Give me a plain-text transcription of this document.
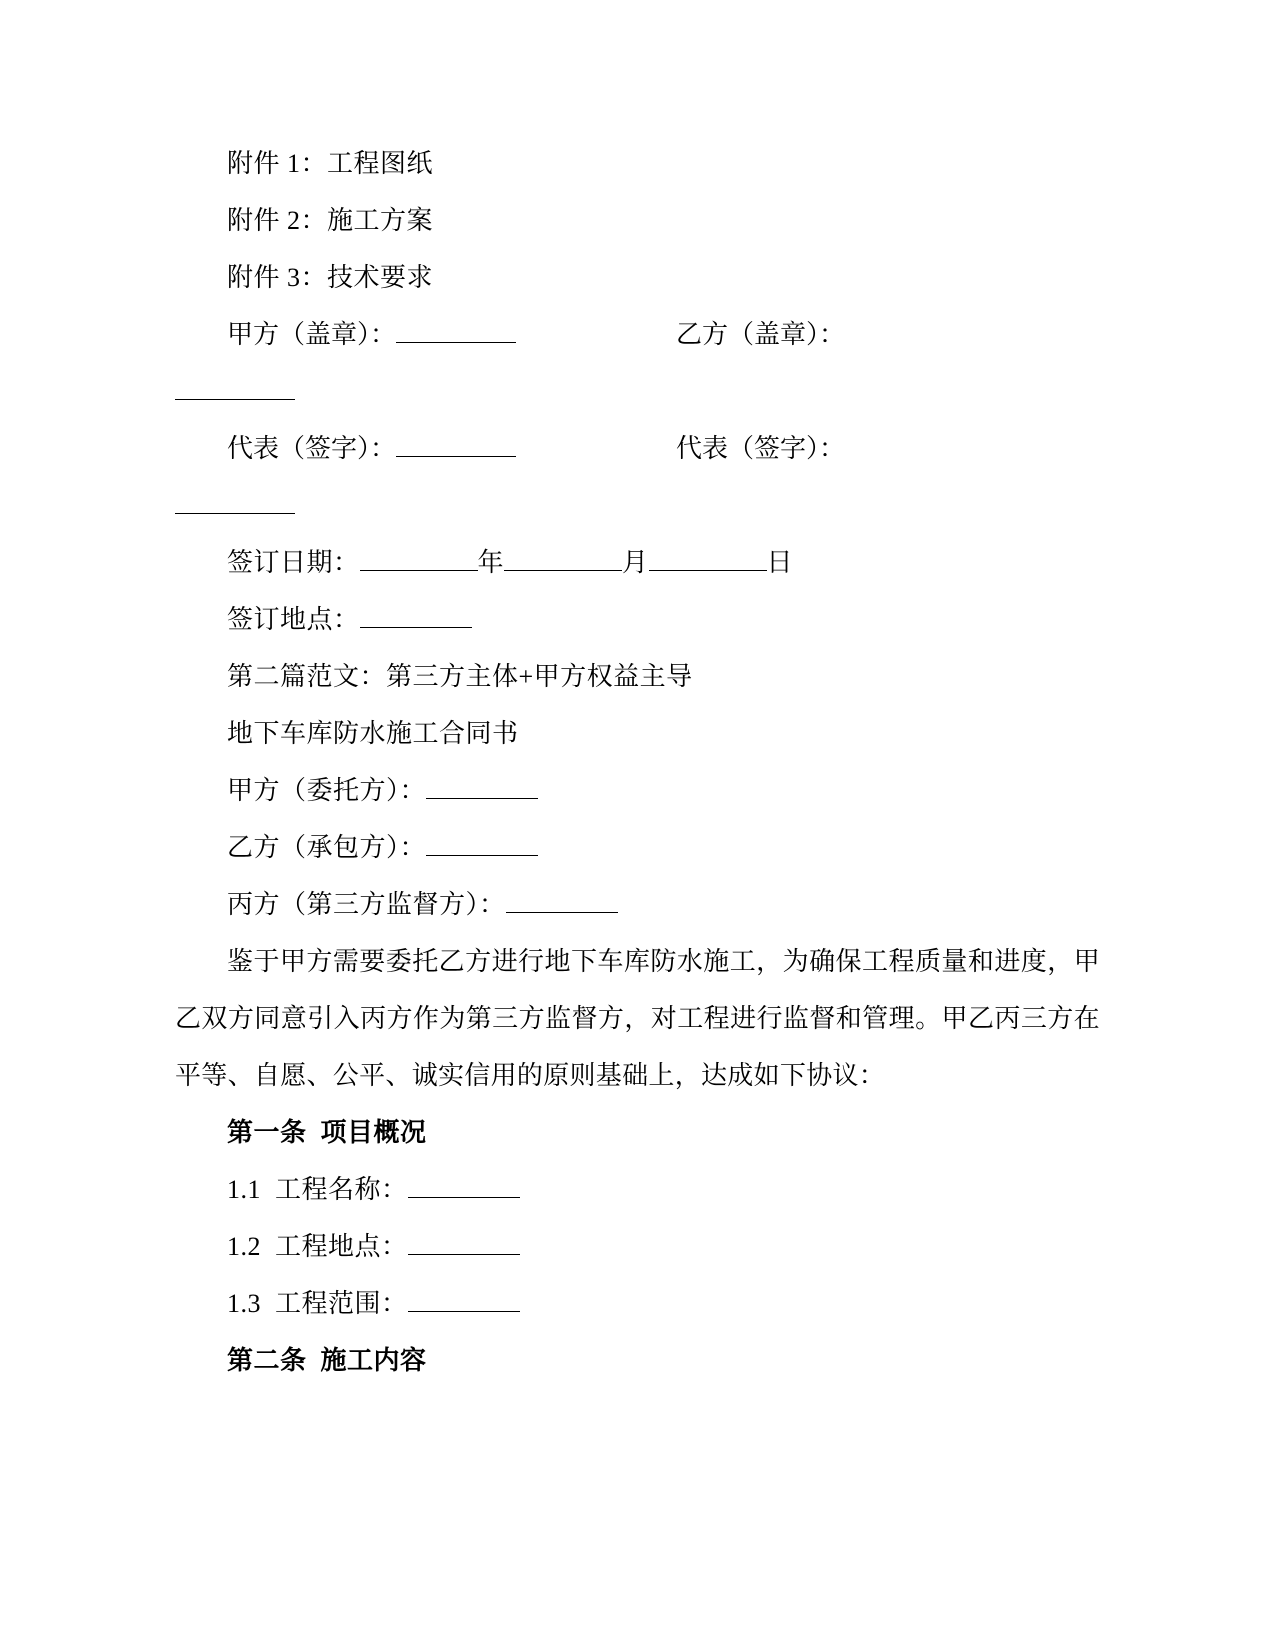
附件 1：工程图纸
附件 2：施工方案
附件 3：技术要求
甲方（盖章）：	乙方（盖章）：
代表（签字）：	代表（签字）：
签订日期：	年	月	日
签订地点：
第二篇范文：第三方主体+甲方权益主导
地下车库防水施工合同书
甲方（委托方）：
乙方（承包方）：
丙方（第三方监督方）：
鉴于甲方需要委托乙方进行地下车库防水施工，为确保工程质量和进度，甲乙双方同意引入丙方作为第三方监督方，对工程进行监督和管理。甲乙丙三方在平等、自愿、公平、诚实信用的原则基础上，达成如下协议：
第一条  项目概况
1.1  工程名称：
1.2  工程地点：
1.3  工程范围：
第二条  施工内容
